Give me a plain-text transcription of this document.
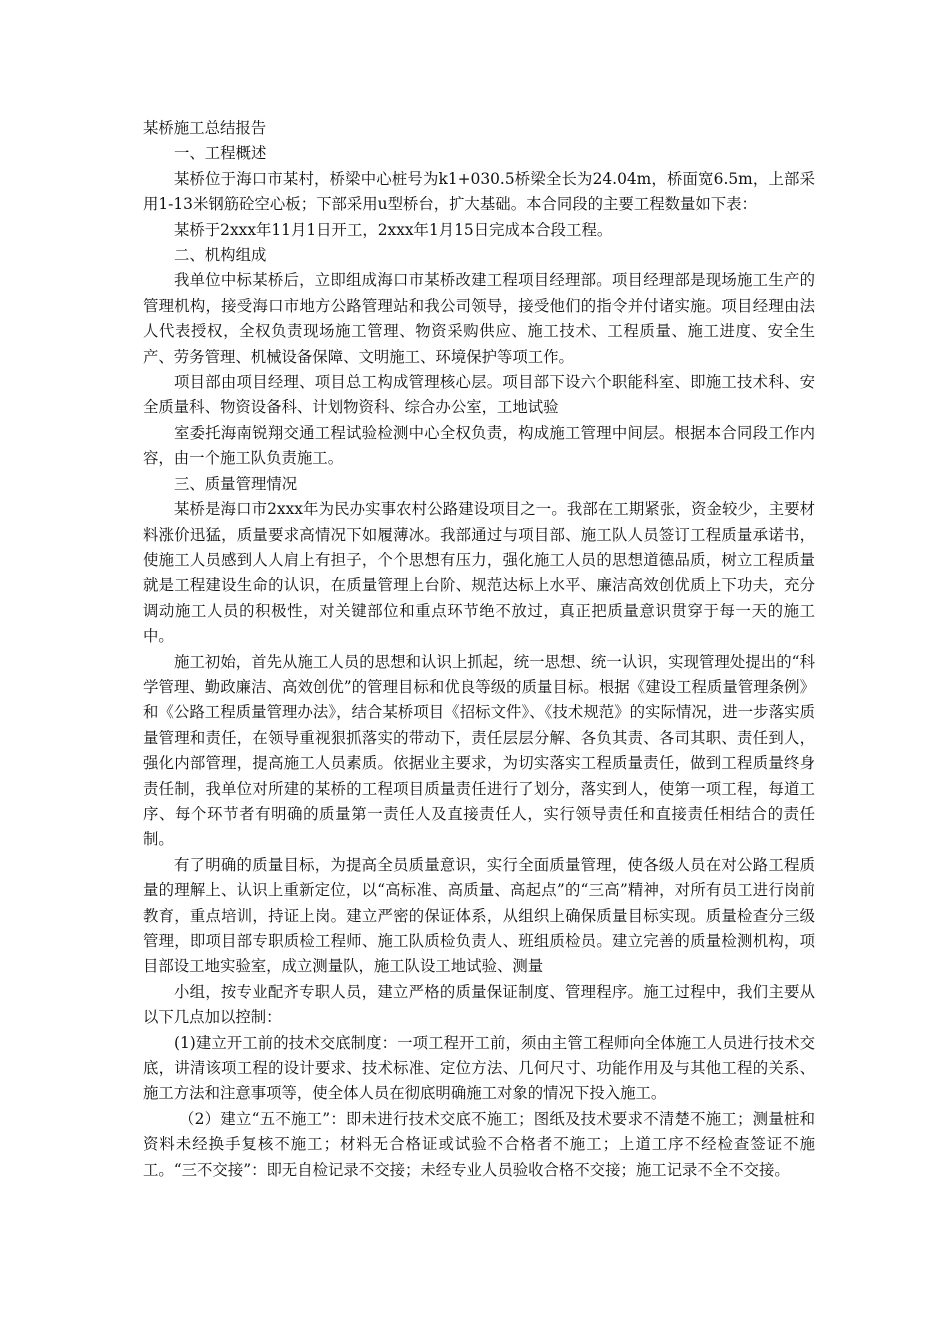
某桥施工总结报告

一、工程概述

某桥位于海口市某村，桥梁中心桩号为k1+030.5桥梁全长为24.04m，桥面宽6.5m，上部采用1-13米钢筋砼空心板；下部采用u型桥台，扩大基础。本合同段的主要工程数量如下表：

某桥于2xxx年11月1日开工，2xxx年1月15日完成本合段工程。

二、机构组成

我单位中标某桥后，立即组成海口市某桥改建工程项目经理部。项目经理部是现场施工生产的管理机构，接受海口市地方公路管理站和我公司领导，接受他们的指令并付诸实施。项目经理由法人代表授权，全权负责现场施工管理、物资采购供应、施工技术、工程质量、施工进度、安全生产、劳务管理、机械设备保障、文明施工、环境保护等项工作。

项目部由项目经理、项目总工构成管理核心层。项目部下设六个职能科室、即施工技术科、安全质量科、物资设备科、计划物资科、综合办公室，工地试验

室委托海南锐翔交通工程试验检测中心全权负责，构成施工管理中间层。根据本合同段工作内容，由一个施工队负责施工。

三、质量管理情况

某桥是海口市2xxx年为民办实事农村公路建设项目之一。我部在工期紧张，资金较少，主要材料涨价迅猛，质量要求高情况下如履薄冰。我部通过与项目部、施工队人员签订工程质量承诺书，使施工人员感到人人肩上有担子，个个思想有压力，强化施工人员的思想道德品质，树立工程质量就是工程建设生命的认识，在质量管理上台阶、规范达标上水平、廉洁高效创优质上下功夫，充分调动施工人员的积极性，对关键部位和重点环节绝不放过，真正把质量意识贯穿于每一天的施工中。

施工初始，首先从施工人员的思想和认识上抓起，统一思想、统一认识，实现管理处提出的“科学管理、勤政廉洁、高效创优”的管理目标和优良等级的质量目标。根据《建设工程质量管理条例》和《公路工程质量管理办法》，结合某桥项目《招标文件》、《技术规范》的实际情况，进一步落实质量管理和责任，在领导重视狠抓落实的带动下，责任层层分解、各负其责、各司其职、责任到人，强化内部管理，提高施工人员素质。依据业主要求，为切实落实工程质量责任，做到工程质量终身责任制，我单位对所建的某桥的工程项目质量责任进行了划分，落实到人，使第一项工程，每道工序、每个环节者有明确的质量第一责任人及直接责任人，实行领导责任和直接责任相结合的责任制。

有了明确的质量目标，为提高全员质量意识，实行全面质量管理，使各级人员在对公路工程质量的理解上、认识上重新定位，以“高标准、高质量、高起点”的“三高”精神，对所有员工进行岗前教育，重点培训，持证上岗。建立严密的保证体系，从组织上确保质量目标实现。质量检查分三级管理，即项目部专职质检工程师、施工队质检负责人、班组质检员。建立完善的质量检测机构，项目部设工地实验室，成立测量队，施工队设工地试验、测量

小组，按专业配齐专职人员，建立严格的质量保证制度、管理程序。施工过程中，我们主要从以下几点加以控制：

(1)建立开工前的技术交底制度：一项工程开工前，须由主管工程师向全体施工人员进行技术交底，讲清该项工程的设计要求、技术标准、定位方法、几何尺寸、功能作用及与其他工程的关系、施工方法和注意事项等，使全体人员在彻底明确施工对象的情况下投入施工。

（2）建立“五不施工”：即未进行技术交底不施工；图纸及技术要求不清楚不施工；测量桩和资料未经换手复核不施工；材料无合格证或试验不合格者不施工；上道工序不经检查签证不施工。“三不交接”：即无自检记录不交接；未经专业人员验收合格不交接；施工记录不全不交接。
